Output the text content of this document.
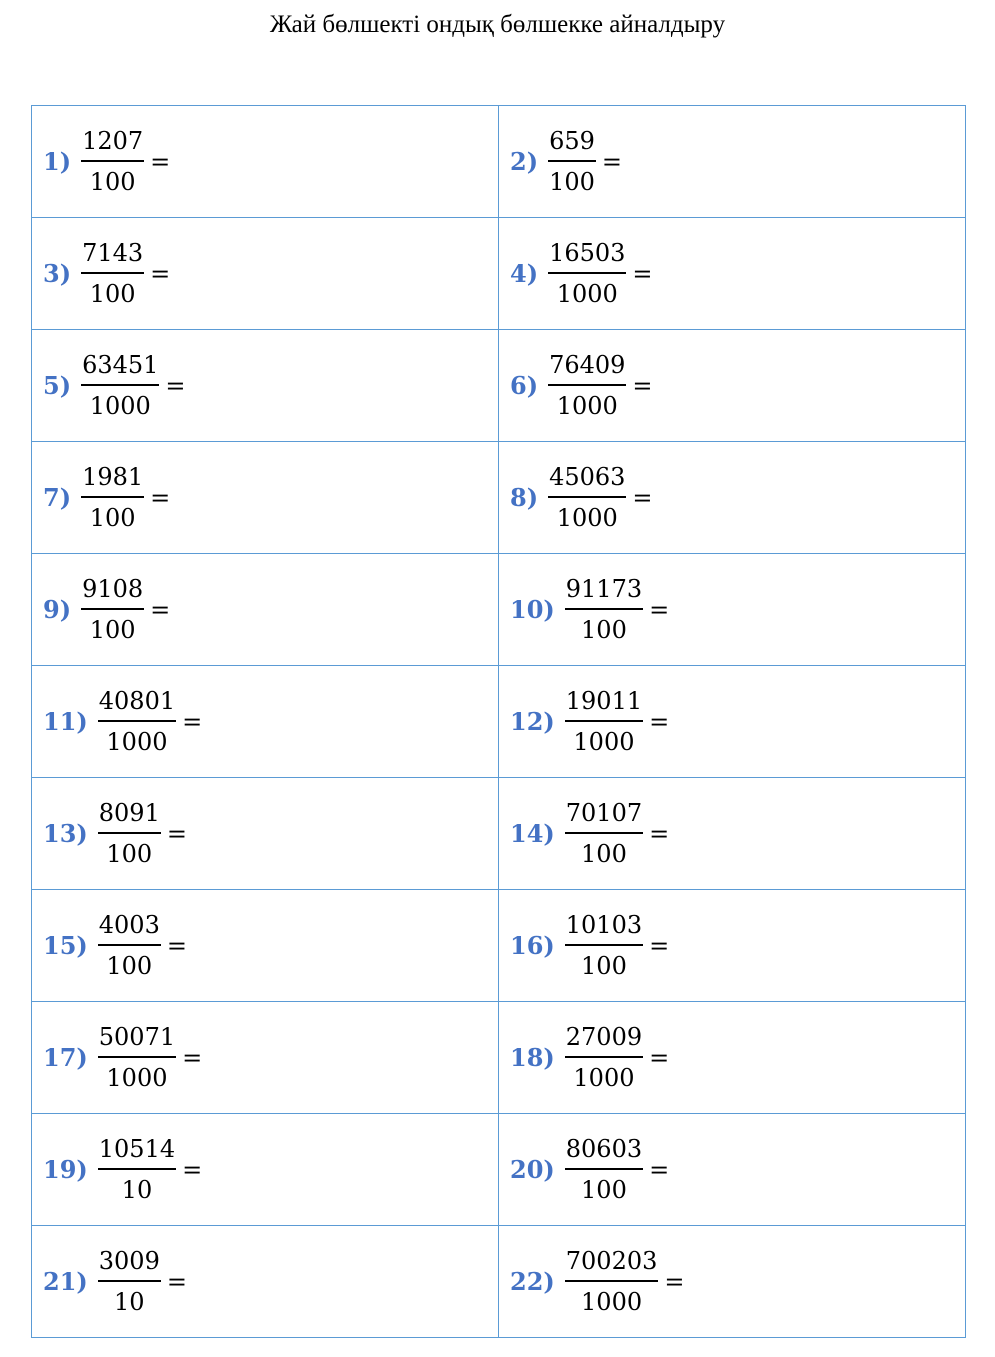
Жай бөлшекті ондық бөлшекке айналдыру
$1) \frac{1207}{100}$ =	$2) \frac{659}{100}$ =

$3) \frac{7143}{100}$ =	$4) \frac{16503}{1000}$ =

$5) \frac{63451}{1000}$ =	$6) \frac{76409}{1000}$ =

$7) \frac{1981}{100}$ =	$8) \frac{45063}{1000}$ =

$9) \frac{9108}{100}$ =	$10) \frac{91173}{100}$ =

$11) \frac{40801}{1000}$ =	$12) \frac{19011}{1000}$ =

$13) \frac{8091}{100}$ =	$14) \frac{70107}{100}$ =

$15) \frac{4003}{100}$ =	$16) \frac{10103}{100}$ =

$17) \frac{50071}{1000}$ =	$18) \frac{27009}{1000}$ =

$19) \frac{10514}{10}$ =	$20) \frac{80603}{100}$ =

$21) \frac{3009}{10}$ =	$22) \frac{700203}{1000}$ =
